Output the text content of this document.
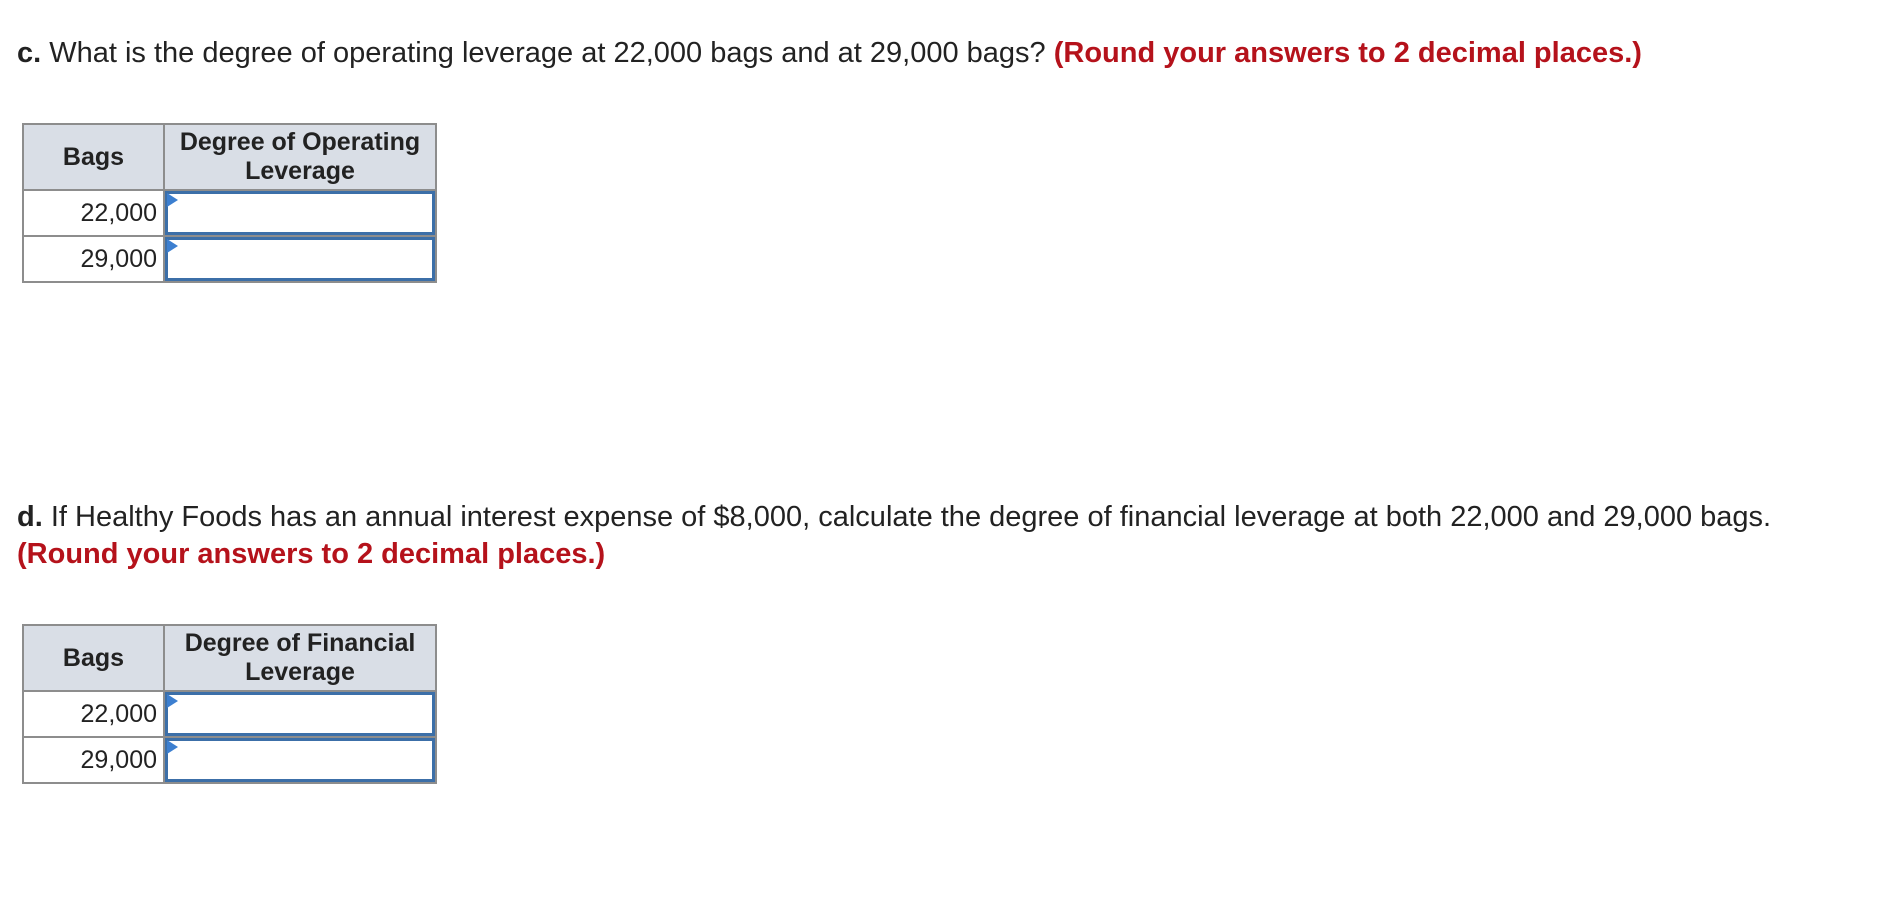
c. What is the degree of operating leverage at 22,000 bags and at 29,000 bags? (Round your answers to 2 decimal places.)
Bags	Degree of Operating Leverage
22,000	

29,000	
d. If Healthy Foods has an annual interest expense of $8,000, calculate the degree of financial leverage at both 22,000 and 29,000 bags. (Round your answers to 2 decimal places.)
Bags	Degree of Financial Leverage
22,000	

29,000	
